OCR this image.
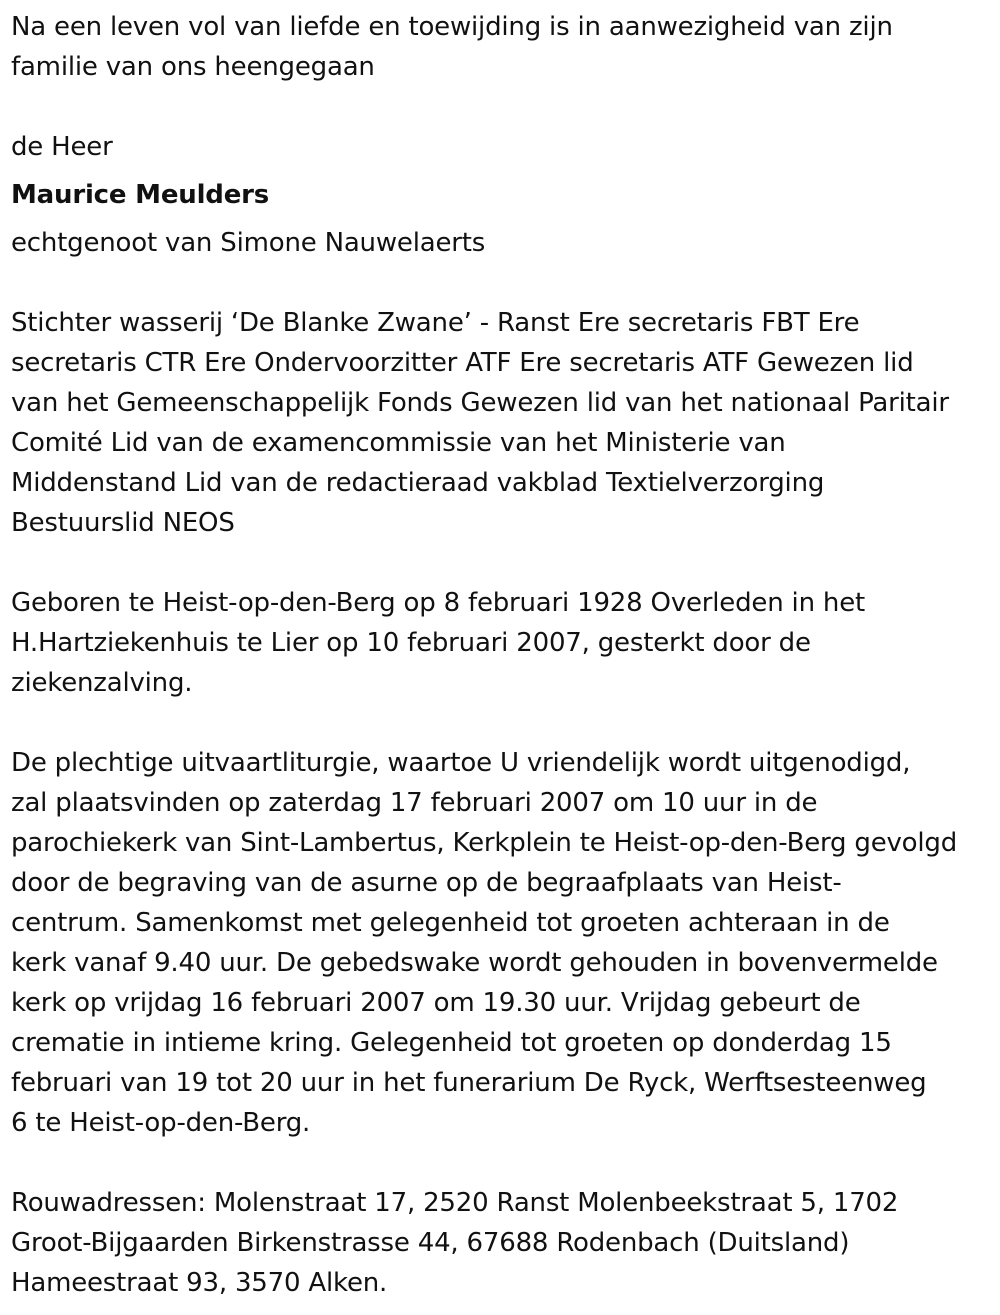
Na een leven vol van liefde en toewijding is in aanwezigheid van zijn
familie van ons heengegaan
de Heer
Maurice Meulders
echtgenoot van Simone Nauwelaerts
Stichter wasserij ‘De Blanke Zwane’ - Ranst Ere secretaris FBT Ere
secretaris CTR Ere Ondervoorzitter ATF Ere secretaris ATF Gewezen lid
van het Gemeenschappelijk Fonds Gewezen lid van het nationaal Paritair
Comité Lid van de examencommissie van het Ministerie van
Middenstand Lid van de redactieraad vakblad Textielverzorging
Bestuurslid NEOS
Geboren te Heist-op-den-Berg op 8 februari 1928 Overleden in het
H.Hartziekenhuis te Lier op 10 februari 2007, gesterkt door de
ziekenzalving.
De plechtige uitvaartliturgie, waartoe U vriendelijk wordt uitgenodigd,
zal plaatsvinden op zaterdag 17 februari 2007 om 10 uur in de
parochiekerk van Sint-Lambertus, Kerkplein te Heist-op-den-Berg gevolgd
door de begraving van de asurne op de begraafplaats van Heist-
centrum. Samenkomst met gelegenheid tot groeten achteraan in de
kerk vanaf 9.40 uur. De gebedswake wordt gehouden in bovenvermelde
kerk op vrijdag 16 februari 2007 om 19.30 uur. Vrijdag gebeurt de
crematie in intieme kring. Gelegenheid tot groeten op donderdag 15
februari van 19 tot 20 uur in het funerarium De Ryck, Werftsesteenweg
6 te Heist-op-den-Berg.
Rouwadressen: Molenstraat 17, 2520 Ranst Molenbeekstraat 5, 1702
Groot-Bijgaarden Birkenstrasse 44, 67688 Rodenbach (Duitsland)
Hameestraat 93, 3570 Alken.
